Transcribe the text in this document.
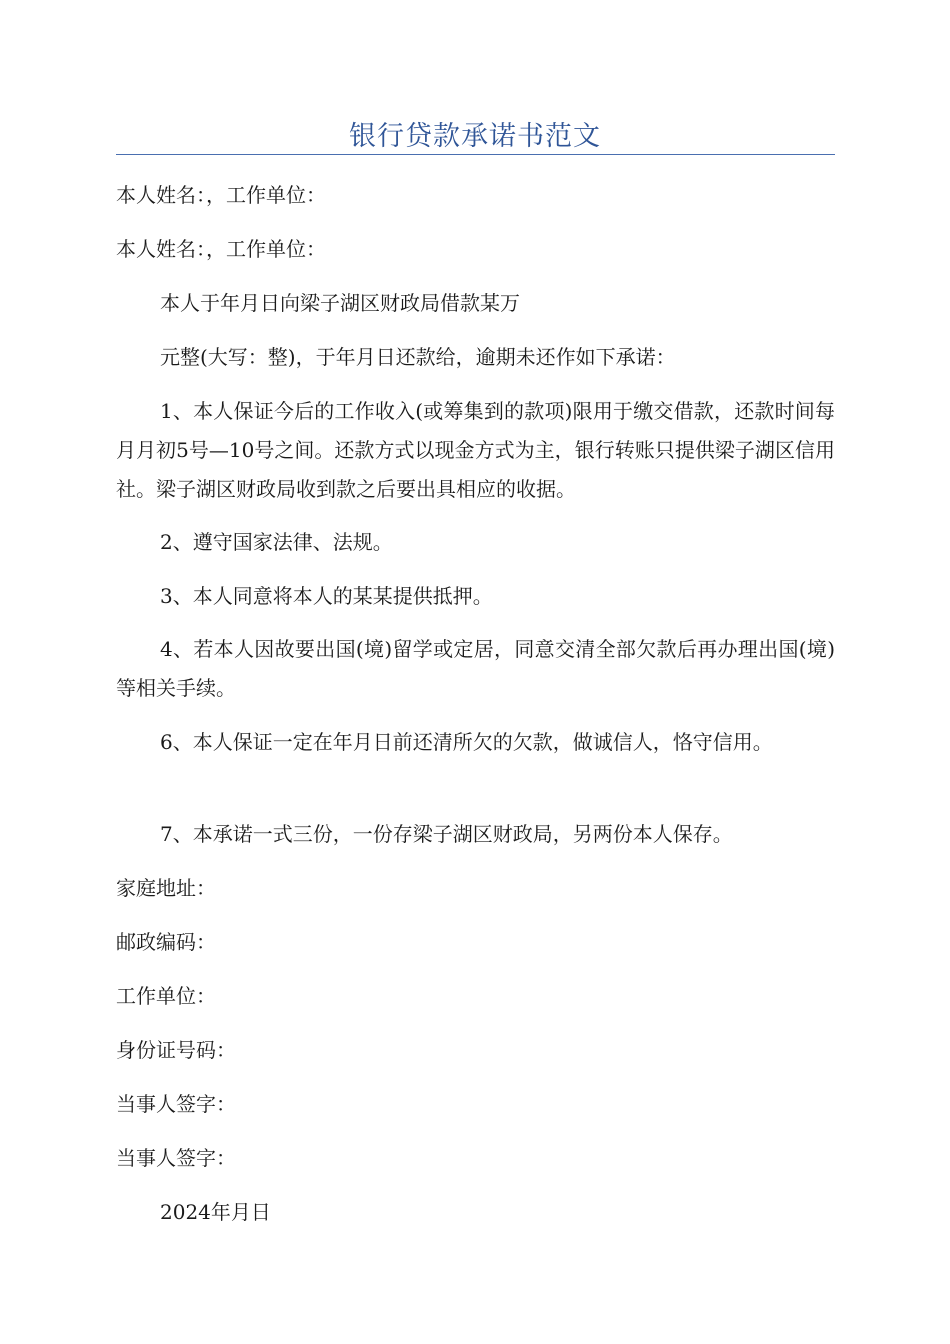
银行贷款承诺书范文
本人姓名：，工作单位：
本人姓名：，工作单位：
本人于年月日向梁子湖区财政局借款某万
元整(大写：整)，于年月日还款给，逾期未还作如下承诺：
1、本人保证今后的工作收入(或筹集到的款项)限用于缴交借款，还款时间每月月初5号—10号之间。还款方式以现金方式为主，银行转账只提供梁子湖区信用社。梁子湖区财政局收到款之后要出具相应的收据。
2、遵守国家法律、法规。
3、本人同意将本人的某某提供抵押。
4、若本人因故要出国(境)留学或定居，同意交清全部欠款后再办理出国(境)等相关手续。
6、本人保证一定在年月日前还清所欠的欠款，做诚信人，恪守信用。
7、本承诺一式三份，一份存梁子湖区财政局，另两份本人保存。
家庭地址：
邮政编码：
工作单位：
身份证号码：
当事人签字：
当事人签字：
2024年月日
